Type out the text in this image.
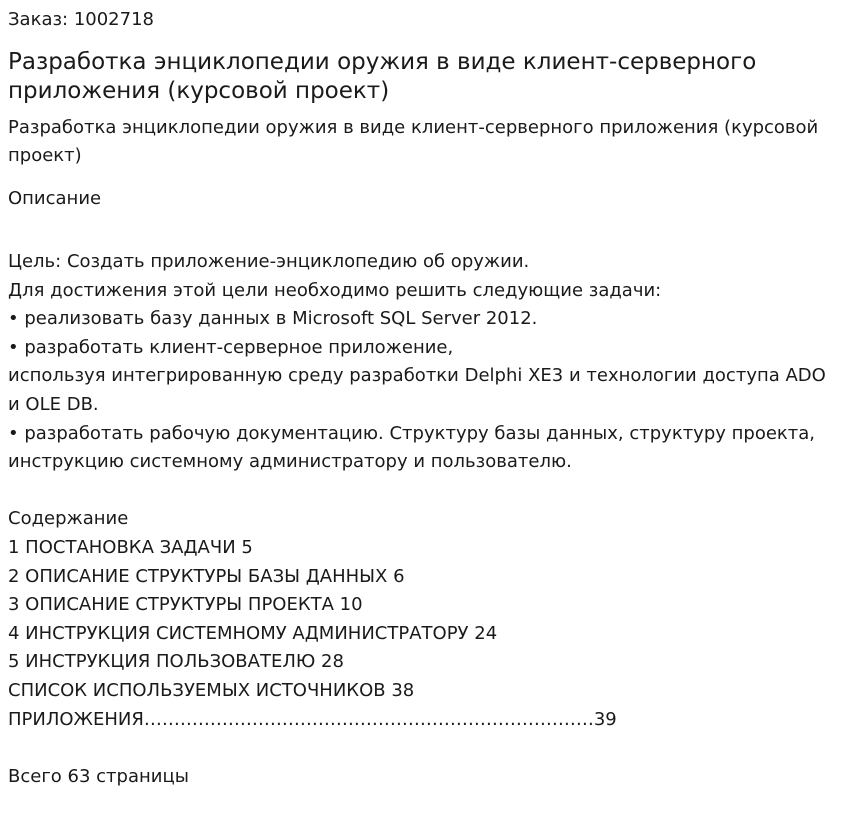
Заказ: 1002718
Разработка энциклопедии оружия в виде клиент-серверного приложения (курсовой проект)
Разработка энциклопедии оружия в виде клиент-серверного приложения (курсовой проект)
Описание
Цель: Создать приложение-энциклопедию об оружии.
Для достижения этой цели необходимо решить следующие задачи:
• реализовать базу данных в Microsoft SQL Server 2012.
• разработать клиент-серверное приложение,
используя интегрированную среду разработки Delphi XE3 и технологии доступа ADO и OLE DB.
• разработать рабочую документацию. Структуру базы данных, структуру проекта, инструкцию системному администратору и пользователю.
Содержание
1 ПОСТАНОВКА ЗАДАЧИ 5
2 ОПИСАНИЕ СТРУКТУРЫ БАЗЫ ДАННЫХ 6
3 ОПИСАНИЕ СТРУКТУРЫ ПРОЕКТА 10
4 ИНСТРУКЦИЯ СИСТЕМНОМУ АДМИНИСТРАТОРУ 24
5 ИНСТРУКЦИЯ ПОЛЬЗОВАТЕЛЮ 28
СПИСОК ИСПОЛЬЗУЕМЫХ ИСТОЧНИКОВ 38
ПРИЛОЖЕНИЯ…………………………………………………………………39
Всего 63 страницы
